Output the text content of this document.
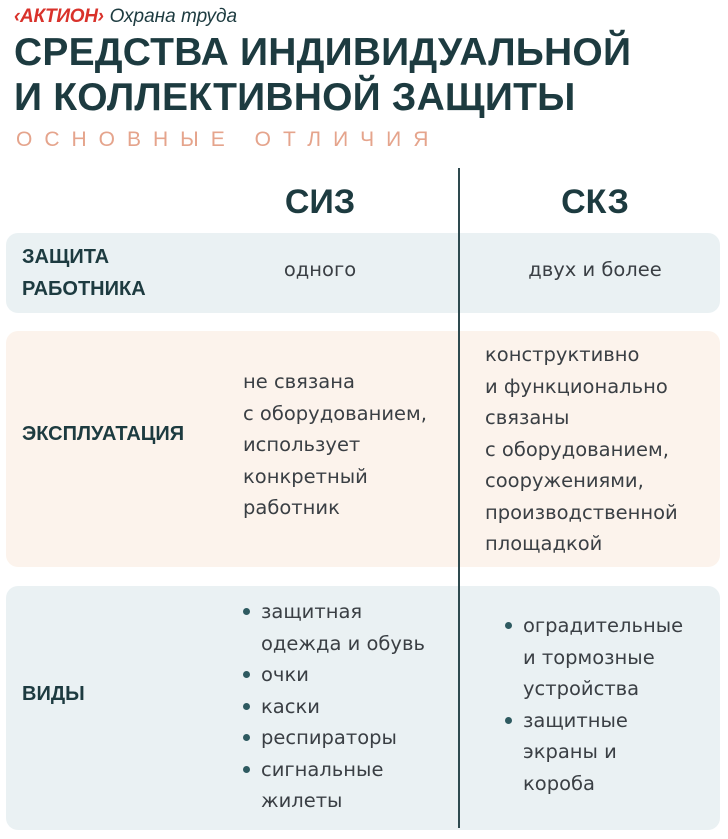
‹АКТИОН› Охрана труда
СРЕДСТВА ИНДИВИДУАЛЬНОЙ
И КОЛЛЕКТИВНОЙ ЗАЩИТЫ
ОСНОВНЫЕ ОТЛИЧИЯ
СИЗ	СКЗ
ЗАЩИТА
РАБОТНИКА
одного	двух и более
ЭКСПЛУАТАЦИЯ

не связана

с оборудованием,

использует

конкретный

работник

конструктивно

и функционально

связаны

с оборудованием,

сооружениями,

производственной

площадкой

ВИДЫ
защитная
одежда и обувь
очки
каски
респираторы
сигнальные
жилеты
оградительные
и тормозные
устройства
защитные
экраны и
короба
